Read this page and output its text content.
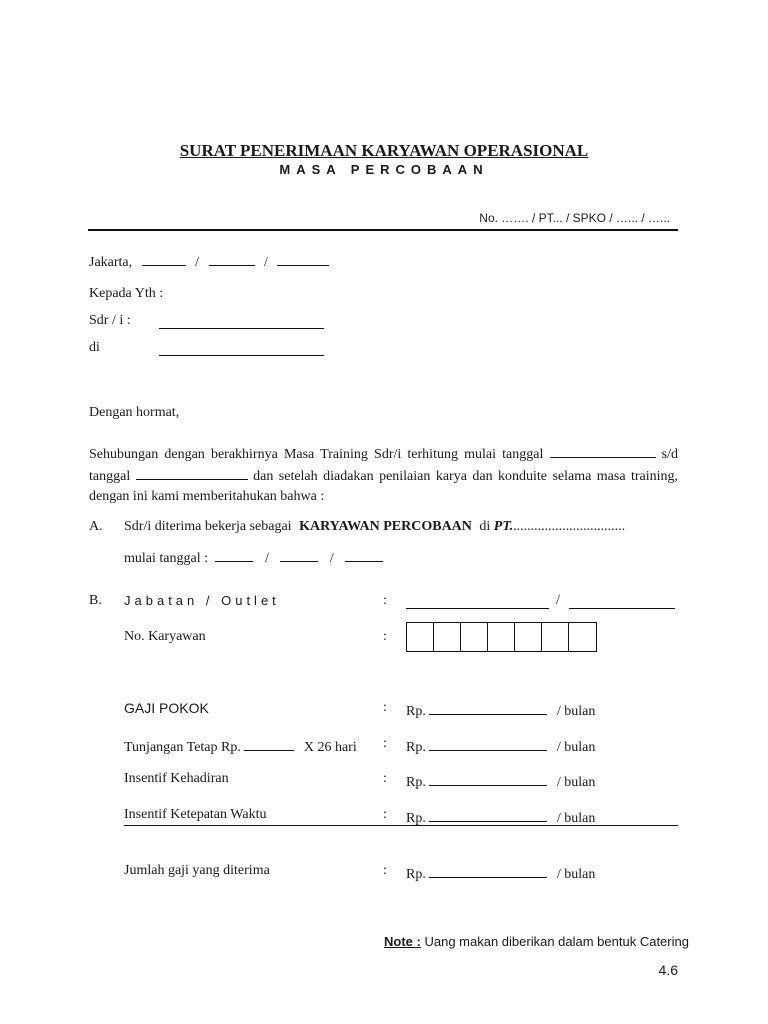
SURAT PENERIMAAN KARYAWAN OPERASIONAL
MASA PERCOBAAN
No. ……. / PT... / SPKO / …... / …...
Jakarta,	/	/
Kepada Yth :
Sdr / i :
di
Dengan hormat,
Sehubungan dengan berakhirnya Masa Training Sdr/i terhitung mulai tanggal	s/d tanggal	dan setelah diadakan penilaian karya dan konduite selama masa training, dengan ini kami memberitahukan bahwa :
A. Sdr/i diterima bekerja sebagai KARYAWAN PERCOBAAN di PT.................................
mulai tanggal :	/	/
B. Jabatan / Outlet	:	/
No. Karyawan	:
GAJI POKOK	: Rp.	/ bulan
Tunjangan Tetap Rp.	X 26 hari : Rp.	/ bulan
Insentif Kehadiran	: Rp.	/ bulan
Insentif Ketepatan Waktu	: Rp.	/ bulan
Jumlah gaji yang diterima	: Rp.	/ bulan
Note : Uang makan diberikan dalam bentuk Catering
4.6
